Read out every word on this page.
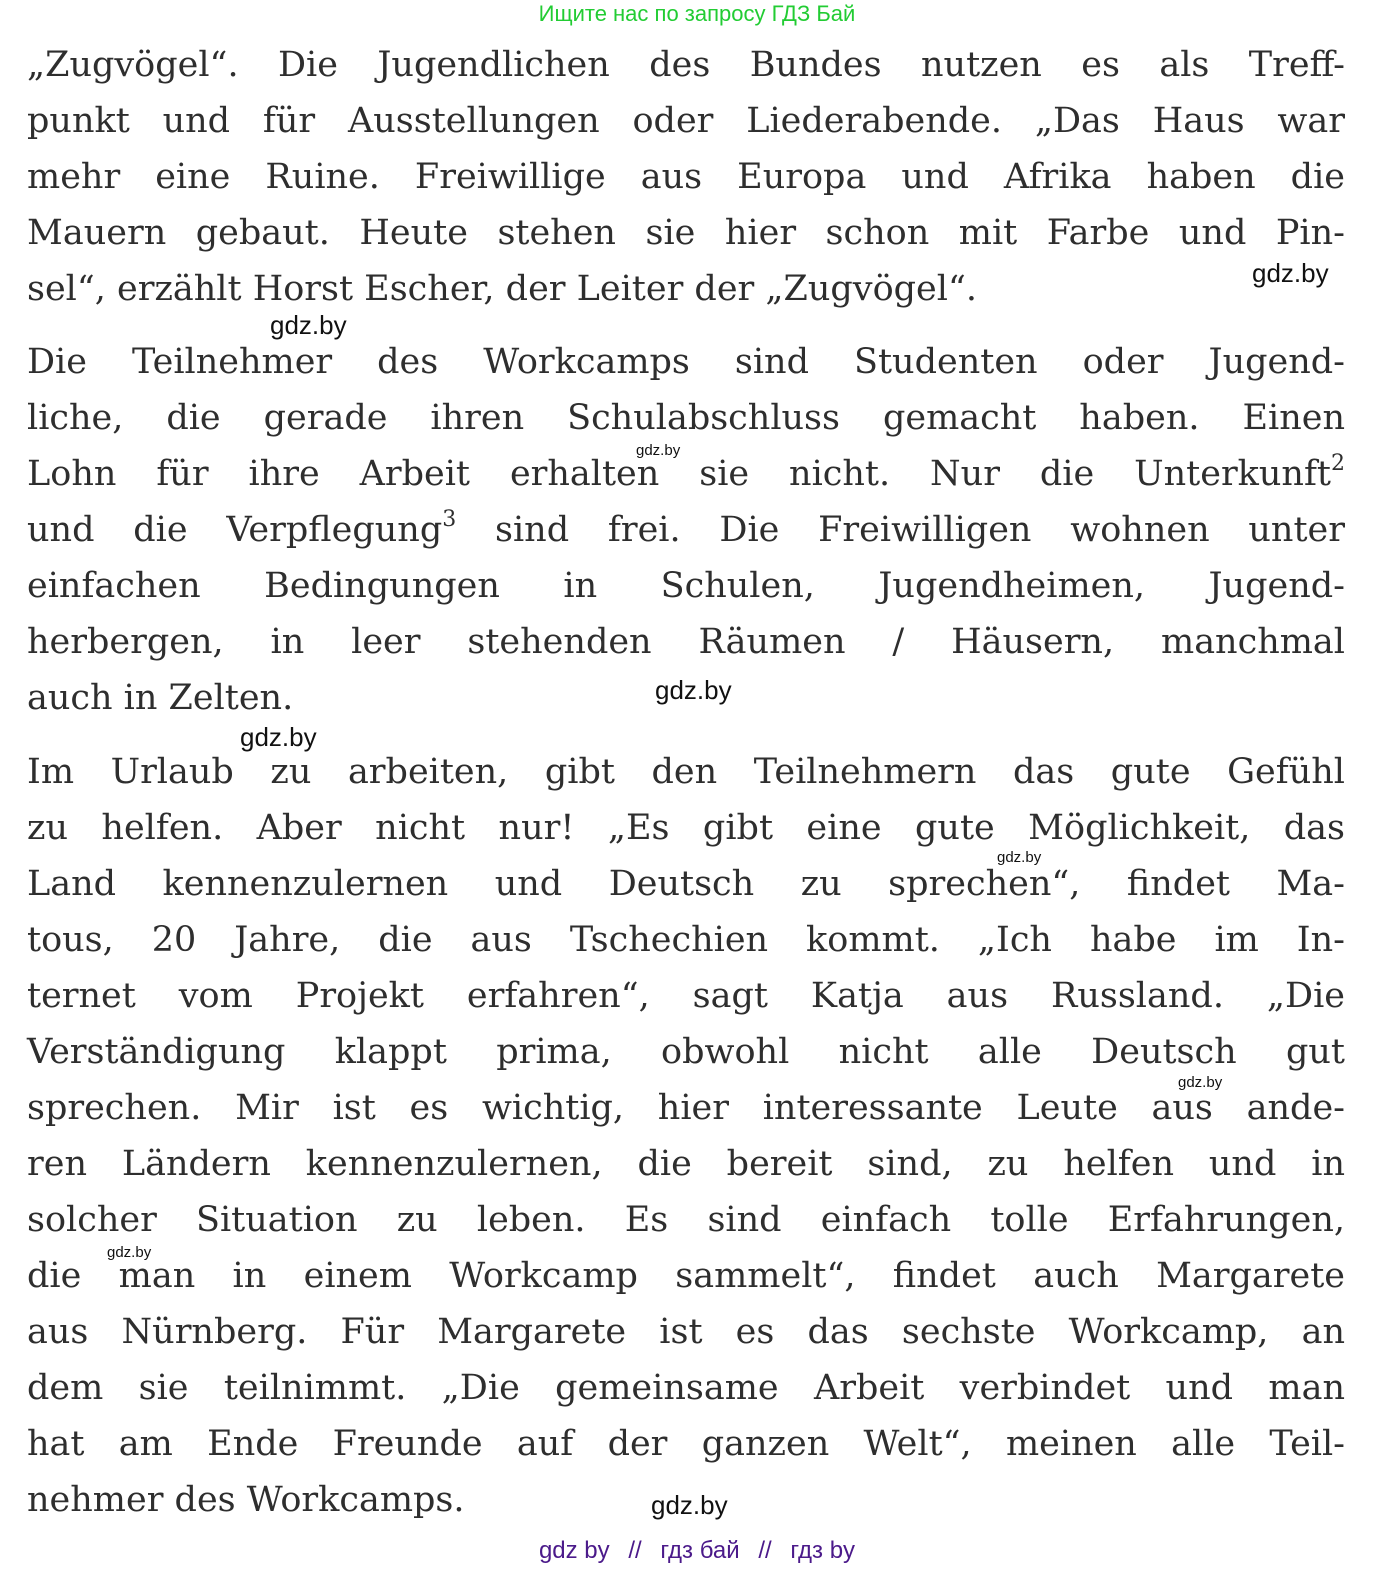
Ищите нас по запросу ГДЗ Бай
„Zugvögel“. Die Jugendlichen des Bundes nutzen es als Treff-
punkt und für Ausstellungen oder Liederabende. „Das Haus war
mehr eine Ruine. Freiwillige aus Europa und Afrika haben die
Mauern gebaut. Heute stehen sie hier schon mit Farbe und Pin-
sel“, erzählt Horst Escher, der Leiter der „Zugvögel“.
Die Teilnehmer des Workcamps sind Studenten oder Jugend-
liche, die gerade ihren Schulabschluss gemacht haben. Einen
Lohn für ihre Arbeit erhalten sie nicht. Nur die Unterkunft$^2$
und die Verpflegung$^3$ sind frei. Die Freiwilligen wohnen unter
einfachen Bedingungen in Schulen, Jugendheimen, Jugend-
herbergen, in leer stehenden Räumen / Häusern, manchmal
auch in Zelten.
Im Urlaub zu arbeiten, gibt den Teilnehmern das gute Gefühl
zu helfen. Aber nicht nur! „Es gibt eine gute Möglichkeit, das
Land kennenzulernen und Deutsch zu sprechen“, findet Ma-
tous, 20 Jahre, die aus Tschechien kommt. „Ich habe im In-
ternet vom Projekt erfahren“, sagt Katja aus Russland. „Die
Verständigung klappt prima, obwohl nicht alle Deutsch gut
sprechen. Mir ist es wichtig, hier interessante Leute aus ande-
ren Ländern kennenzulernen, die bereit sind, zu helfen und in
solcher Situation zu leben. Es sind einfach tolle Erfahrungen,
die man in einem Workcamp sammelt“, findet auch Margarete
aus Nürnberg. Für Margarete ist es das sechste Workcamp, an
dem sie teilnimmt. „Die gemeinsame Arbeit verbindet und man
hat am Ende Freunde auf der ganzen Welt“, meinen alle Teil-
nehmer des Workcamps.
gdz.by
gdz.by
gdz.by
gdz.by
gdz.by
gdz.by
gdz.by
gdz.by
gdz.by
gdz by // гдз бай // гдз by
